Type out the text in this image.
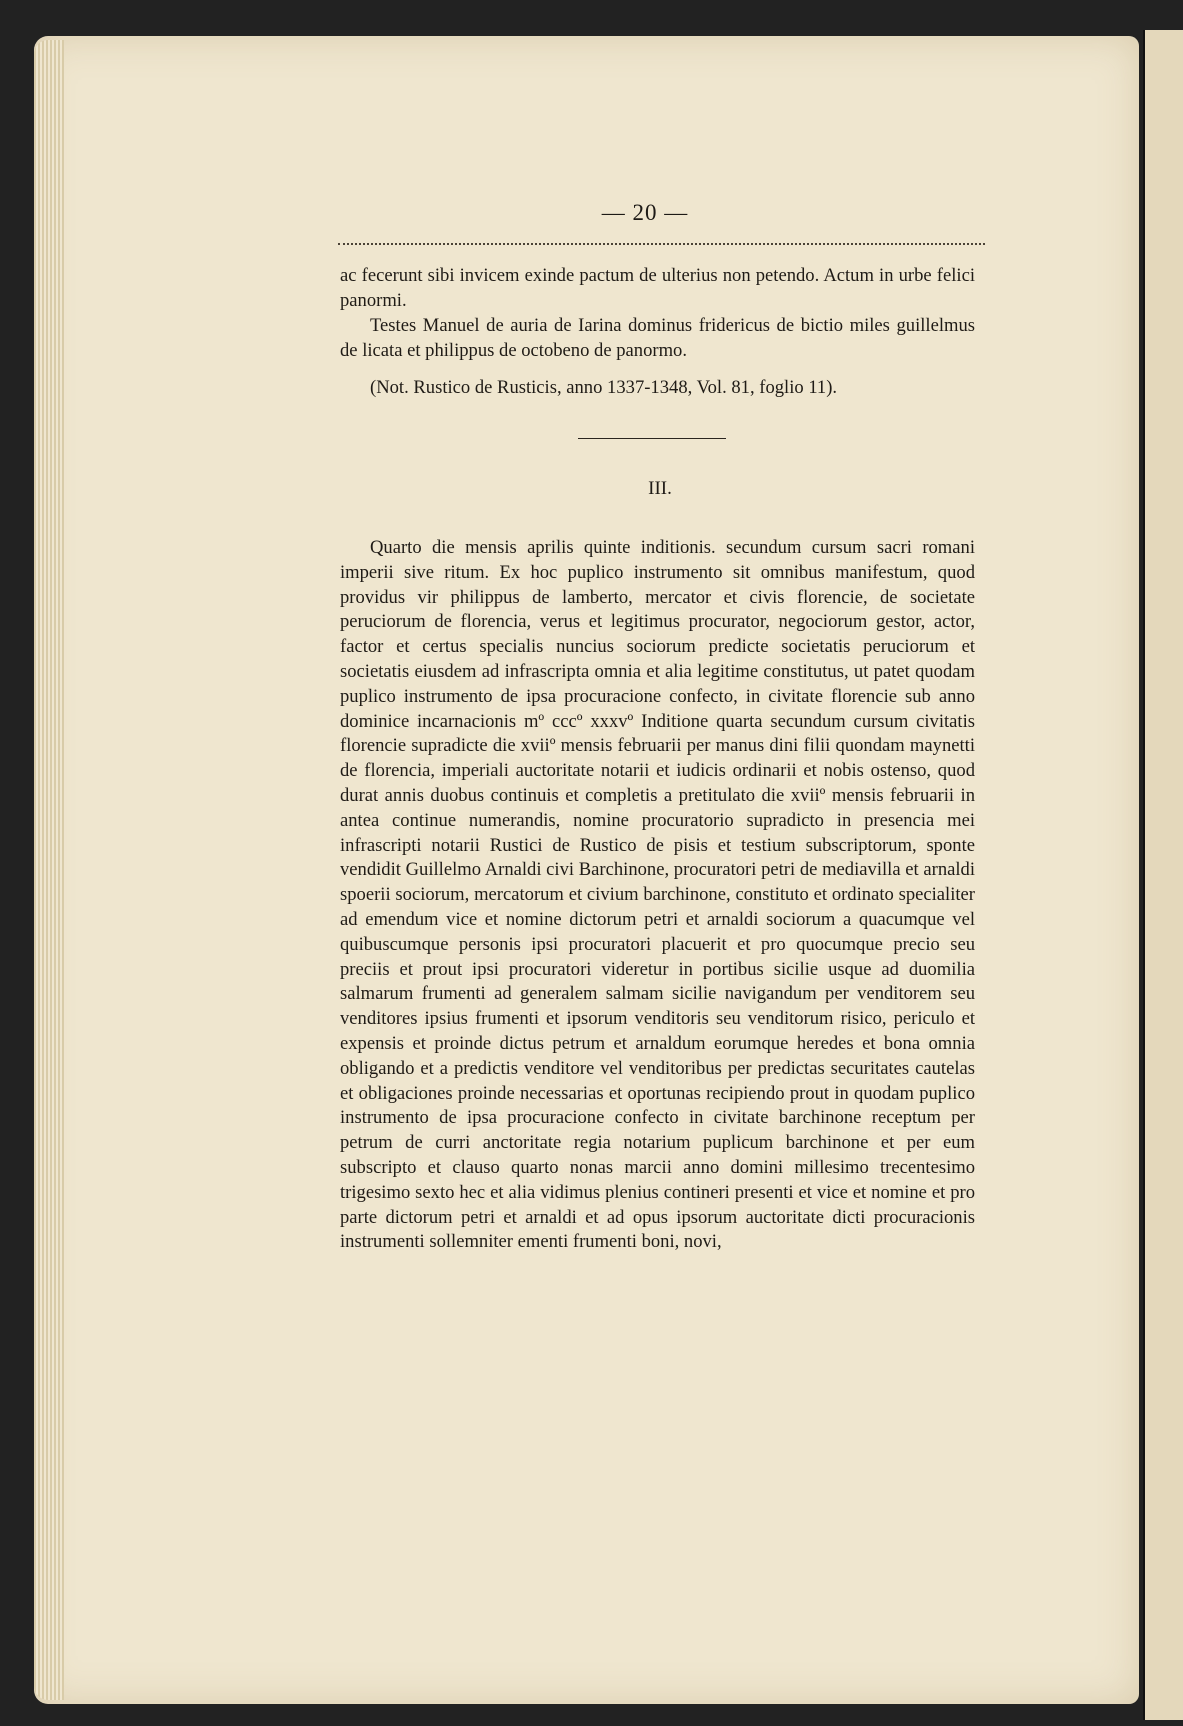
— 20 —

ac fecerunt sibi invicem exinde pactum de ulterius non petendo. Actum in urbe felici panormi.

Testes Manuel de auria de Iarina dominus fridericus de bictio miles guillelmus de licata et philippus de octobeno de panormo.

(Not. Rustico de Rusticis, anno 1337-1348, Vol. 81, foglio 11).
III.

Quarto die mensis aprilis quinte inditionis. secundum cursum sacri romani imperii sive ritum. Ex hoc puplico instrumento sit omnibus manifestum, quod providus vir philippus de lamberto, mercator et civis florencie, de societate peruciorum de florencia, verus et legitimus procurator, negociorum gestor, actor, factor et certus specialis nuncius sociorum predicte societatis peruciorum et societatis eiusdem ad infrascripta omnia et alia legitime constitutus, ut patet quodam puplico instrumento de ipsa procuracione confecto, in civitate florencie sub anno dominice incarnacionis mº cccº xxxvº Inditione quarta secundum cursum civitatis florencie supradicte die xviiº mensis februarii per manus dini filii quondam maynetti de florencia, imperiali auctoritate notarii et iudicis ordinarii et nobis ostenso, quod durat annis duobus continuis et completis a pretitulato die xviiº mensis februarii in antea continue numerandis, nomine procuratorio supradicto in presencia mei infrascripti notarii Rustici de Rustico de pisis et testium subscriptorum, sponte vendidit Guillelmo Arnaldi civi Barchinone, procuratori petri de mediavilla et arnaldi spoerii sociorum, mercatorum et civium barchinone, constituto et ordinato specialiter ad emendum vice et nomine dictorum petri et arnaldi sociorum a quacumque vel quibuscumque personis ipsi procuratori placuerit et pro quocumque precio seu preciis et prout ipsi procuratori videretur in portibus sicilie usque ad duomilia salmarum frumenti ad generalem salmam sicilie navigandum per venditorem seu venditores ipsius frumenti et ipsorum venditoris seu venditorum risico, periculo et expensis et proinde dictus petrum et arnaldum eorumque heredes et bona omnia obligando et a predictis venditore vel venditoribus per predictas securitates cautelas et obligaciones proinde necessarias et oportunas recipiendo prout in quodam puplico instrumento de ipsa procuracione confecto in civitate barchinone receptum per petrum de curri anctoritate regia notarium puplicum barchinone et per eum subscripto et clauso quarto nonas marcii anno domini millesimo trecentesimo trigesimo sexto hec et alia vidimus plenius contineri presenti et vice et nomine et pro parte dictorum petri et arnaldi et ad opus ipsorum auctoritate dicti procuracionis instrumenti sollemniter ementi frumenti boni, novi,
